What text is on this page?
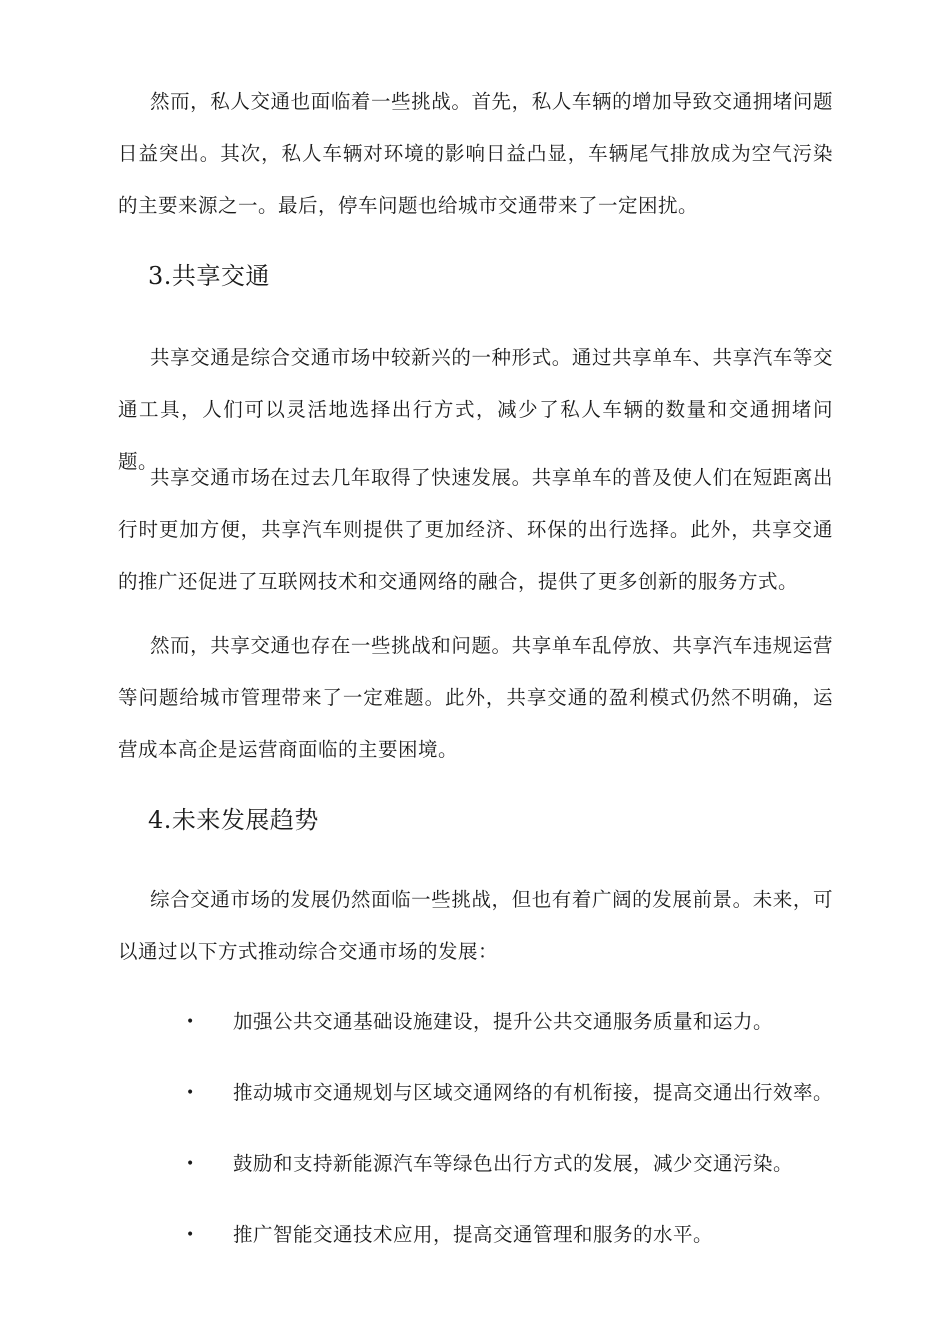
然而，私人交通也面临着一些挑战。首先，私人车辆的增加导致交通拥堵问题日益突出。其次，私人车辆对环境的影响日益凸显，车辆尾气排放成为空气污染的主要来源之一。最后，停车问题也给城市交通带来了一定困扰。

3.共享交通

共享交通是综合交通市场中较新兴的一种形式。通过共享单车、共享汽车等交通工具，人们可以灵活地选择出行方式，减少了私人车辆的数量和交通拥堵问题。

共享交通市场在过去几年取得了快速发展。共享单车的普及使人们在短距离出行时更加方便，共享汽车则提供了更加经济、环保的出行选择。此外，共享交通的推广还促进了互联网技术和交通网络的融合，提供了更多创新的服务方式。

然而，共享交通也存在一些挑战和问题。共享单车乱停放、共享汽车违规运营等问题给城市管理带来了一定难题。此外，共享交通的盈利模式仍然不明确，运营成本高企是运营商面临的主要困境。

4.未来发展趋势

综合交通市场的发展仍然面临一些挑战，但也有着广阔的发展前景。未来，可以通过以下方式推动综合交通市场的发展：

• 加强公共交通基础设施建设，提升公共交通服务质量和运力。
• 推动城市交通规划与区域交通网络的有机衔接，提高交通出行效率。
• 鼓励和支持新能源汽车等绿色出行方式的发展，减少交通污染。
• 推广智能交通技术应用，提高交通管理和服务的水平。
